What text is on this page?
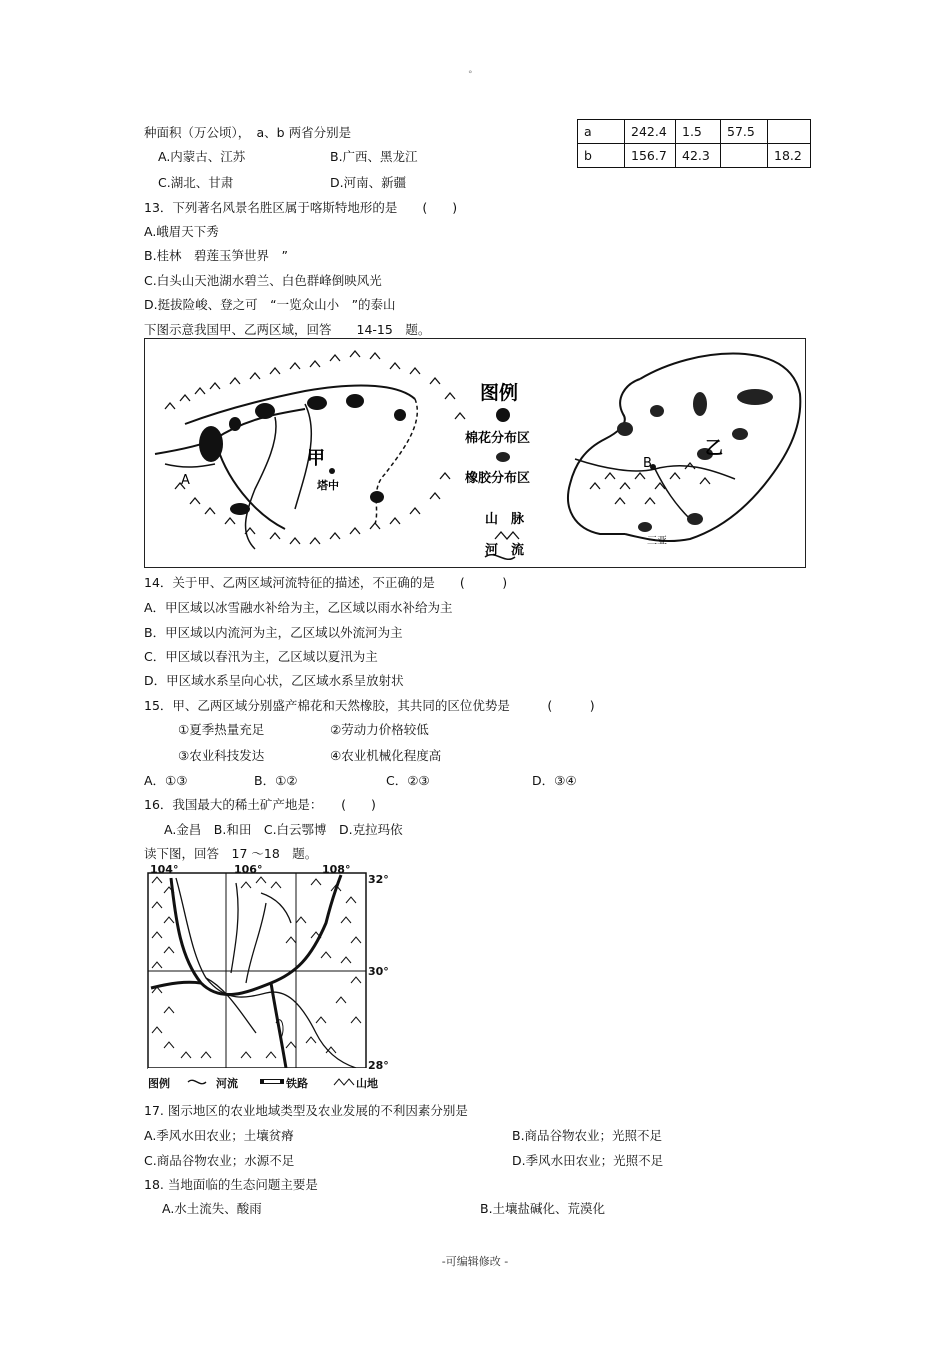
°
种面积（万公顷），　a、b 两省分别是
A.内蒙古、江苏	B.广西、黑龙江
C.湖北、甘肃	D.河南、新疆
a	242.4	1.5	57.5	
b	156.7	42.3		18.2
13．下列著名风景名胜区属于喀斯特地形的是　　(　　)
A.峨眉天下秀
B.桂林　碧莲玉笋世界　”
C.白头山天池湖水碧兰、白色群峰倒映风光
D.挺拔险峻、登之可　“一览众山小　”的泰山
下图示意我国甲、乙两区域，回答　　14-15　题。
甲
塔中
A
乙
B
三亚
图例
棉花分布区
橡胶分布区
山　脉
河　流
14．关于甲、乙两区域河流特征的描述，不正确的是　　(　　　)
A．甲区域以冰雪融水补给为主，乙区域以雨水补给为主
B．甲区域以内流河为主，乙区域以外流河为主
C．甲区域以春汛为主，乙区域以夏汛为主
D．甲区域水系呈向心状，乙区域水系呈放射状
15．甲、乙两区域分别盛产棉花和天然橡胶，其共同的区位优势是　　　(　　　)
①夏季热量充足	②劳动力价格较低
③农业科技发达	④农业机械化程度高
A．①③	B．①②	C．②③	D．③④
16．我国最大的稀土矿产地是：　　(　　)
A.金昌　B.和田　C.白云鄂博　D.克拉玛依
读下图，回答　17 ～18　题。
104°	106°	108°
32°
30°
28°
图例	河流	铁路	山地
17. 图示地区的农业地域类型及农业发展的不利因素分别是
A.季风水田农业；土壤贫瘠	B.商品谷物农业；光照不足
C.商品谷物农业；水源不足	D.季风水田农业；光照不足
18. 当地面临的生态问题主要是
A.水土流失、酸雨	B.土壤盐碱化、荒漠化
-可编辑修改 -
